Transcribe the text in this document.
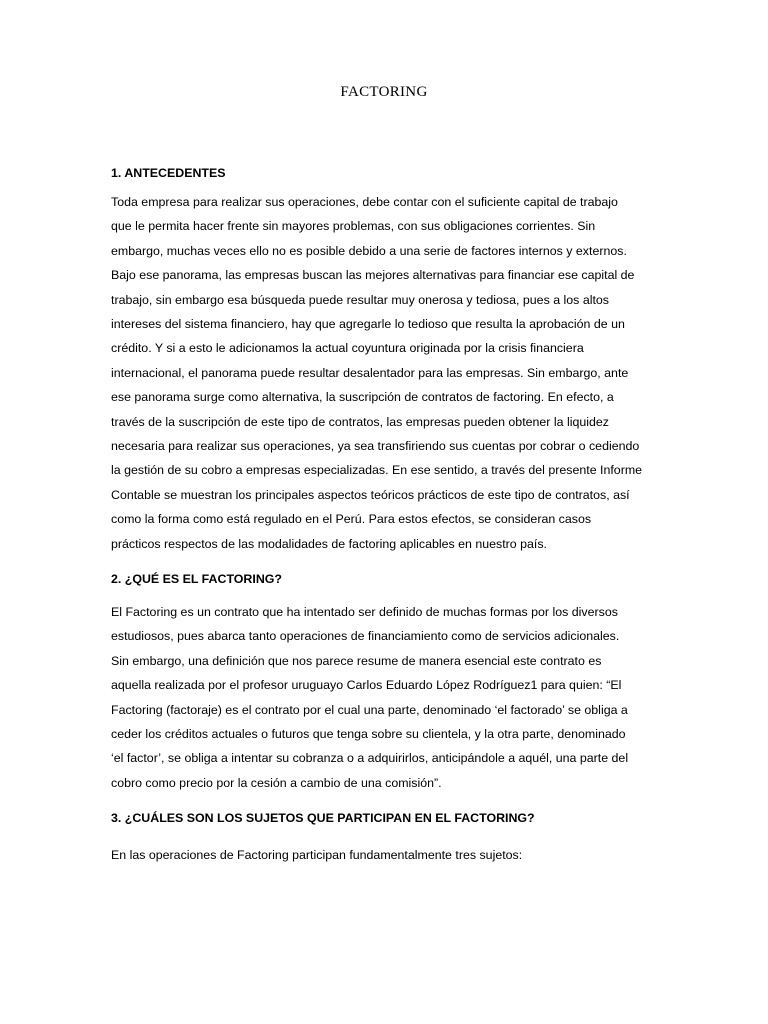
FACTORING
1. ANTECEDENTES

Toda empresa para realizar sus operaciones, debe contar con el suficiente capital de trabajo
que le permita hacer frente sin mayores problemas, con sus obligaciones corrientes. Sin
embargo, muchas veces ello no es posible debido a una serie de factores internos y externos.
Bajo ese panorama, las empresas buscan las mejores alternativas para financiar ese capital de
trabajo, sin embargo esa búsqueda puede resultar muy onerosa y tediosa, pues a los altos
intereses del sistema financiero, hay que agregarle lo tedioso que resulta la aprobación de un
crédito. Y si a esto le adicionamos la actual coyuntura originada por la crisis financiera
internacional, el panorama puede resultar desalentador para las empresas. Sin embargo, ante
ese panorama surge como alternativa, la suscripción de contratos de factoring. En efecto, a
través de la suscripción de este tipo de contratos, las empresas pueden obtener la liquidez
necesaria para realizar sus operaciones, ya sea transfiriendo sus cuentas por cobrar o cediendo
la gestión de su cobro a empresas especializadas. En ese sentido, a través del presente Informe
Contable se muestran los principales aspectos teóricos prácticos de este tipo de contratos, así
como la forma como está regulado en el Perú. Para estos efectos, se consideran casos
prácticos respectos de las modalidades de factoring aplicables en nuestro país.

2. ¿QUÉ ES EL FACTORING?

El Factoring es un contrato que ha intentado ser definido de muchas formas por los diversos
estudiosos, pues abarca tanto operaciones de financiamiento como de servicios adicionales.
Sin embargo, una definición que nos parece resume de manera esencial este contrato es
aquella realizada por el profesor uruguayo Carlos Eduardo López Rodríguez1 para quien: “El
Factoring (factoraje) es el contrato por el cual una parte, denominado ‘el factorado’ se obliga a
ceder los créditos actuales o futuros que tenga sobre su clientela, y la otra parte, denominado
‘el factor’, se obliga a intentar su cobranza o a adquirirlos, anticipándole a aquél, una parte del
cobro como precio por la cesión a cambio de una comisión”.

3. ¿CUÁLES SON LOS SUJETOS QUE PARTICIPAN EN EL FACTORING?

En las operaciones de Factoring participan fundamentalmente tres sujetos:
